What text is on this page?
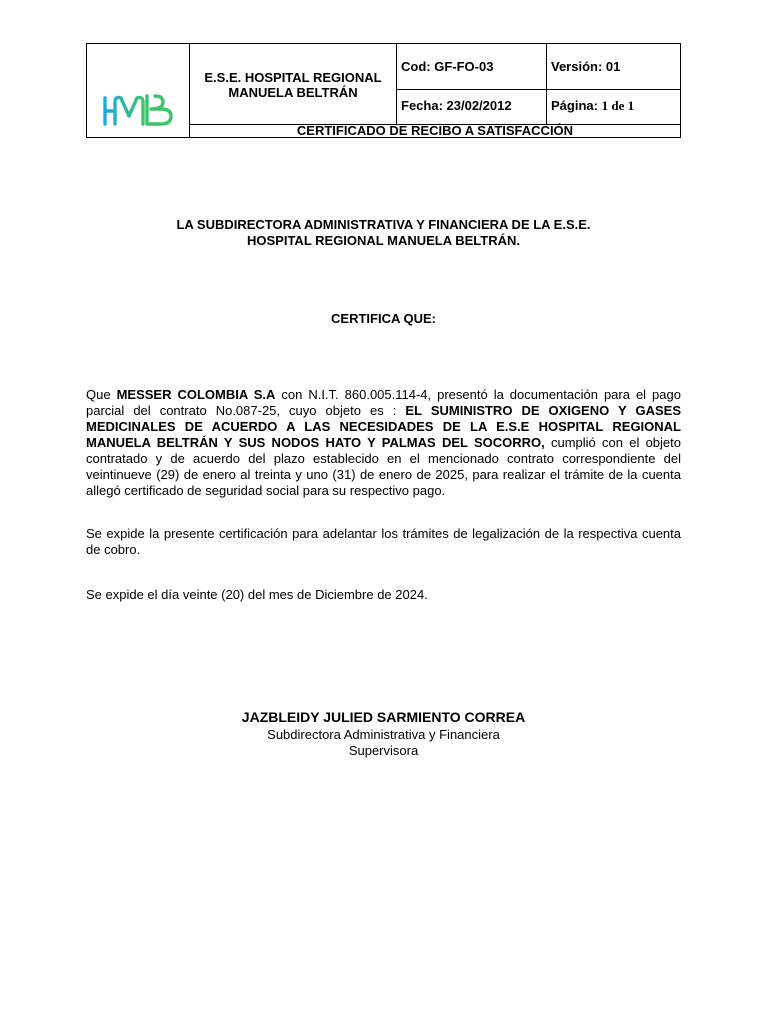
E.S.E. HOSPITAL REGIONAL
MANUELA BELTRÁN
Cod: GF-FO-03	Versión: 01
Fecha: 23/02/2012	Página: 1 de 1
CERTIFICADO DE RECIBO A SATISFACCIÓN
LA SUBDIRECTORA ADMINISTRATIVA Y FINANCIERA DE LA E.S.E.
HOSPITAL REGIONAL MANUELA BELTRÁN.
CERTIFICA QUE:
Que MESSER COLOMBIA S.A con N.I.T. 860.005.114-4, presentó la documentación para el pago parcial del contrato No.087-25, cuyo objeto es : EL SUMINISTRO DE OXIGENO Y GASES MEDICINALES DE ACUERDO A LAS NECESIDADES DE LA E.S.E HOSPITAL REGIONAL MANUELA BELTRÁN Y SUS NODOS HATO Y PALMAS DEL SOCORRO, cumplió con el objeto contratado y de acuerdo del plazo establecido en el mencionado contrato correspondiente del veintinueve (29) de enero al treinta y uno (31) de enero de 2025, para realizar el trámite de la cuenta allegó certificado de seguridad social para su respectivo pago.
Se expide la presente certificación para adelantar los trámites de legalización de la respectiva cuenta de cobro.
Se expide el día veinte (20) del mes de Diciembre de 2024.
JAZBLEIDY JULIED SARMIENTO CORREA
Subdirectora Administrativa y Financiera
Supervisora
